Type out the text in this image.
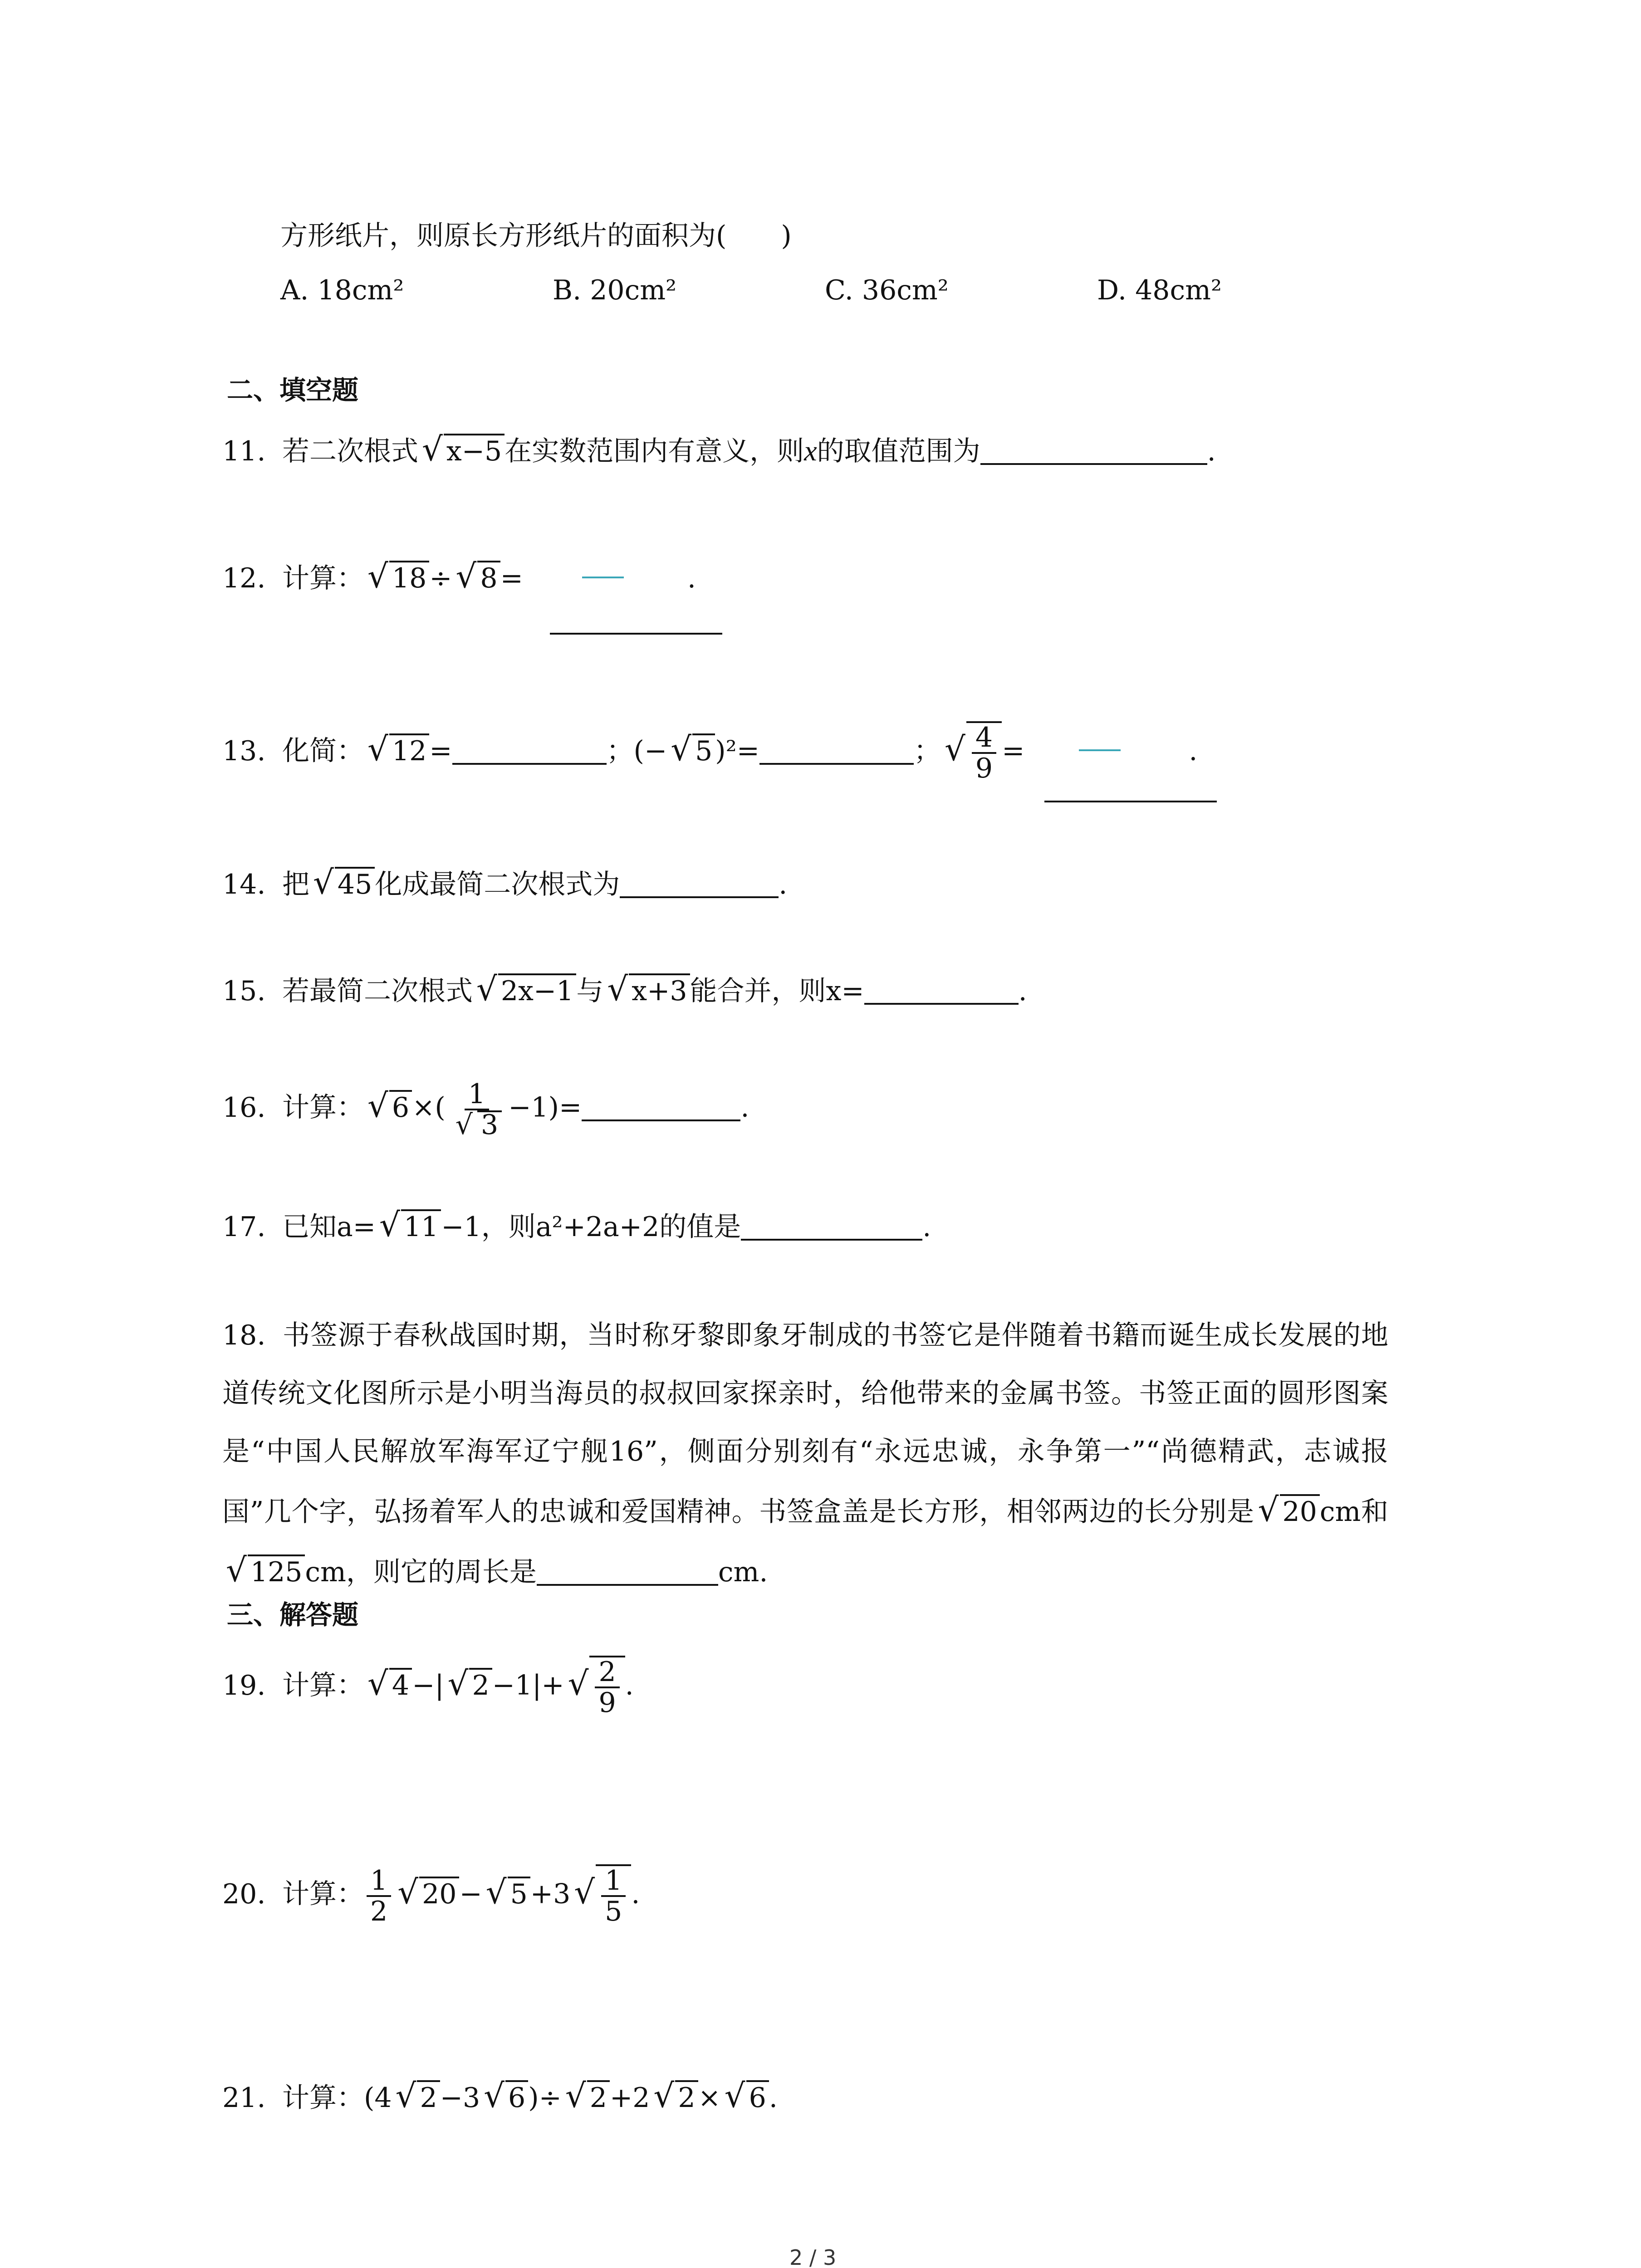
方形纸片，则原长方形纸片的面积为(　　)
A. 18cm²	B. 20cm²	C. 36cm²	D. 48cm²
二、填空题
11. 若二次根式 √ x−5 在实数范围内有意义，则x的取值范围为	.
12. 计算： √ 18 ÷ √ 8 =	.
13. 化简： √ 12 =	；(− √ 5 )²=	； √ $\frac{4}{9}$ =	.
14. 把 √ 45 化成最简二次根式为	.
15. 若最简二次根式 √ 2x−1 与 √ x+3 能合并，则x=	.
16. 计算： √ 6 ×( $\frac{1}{√ 3} -1)=$	.
17. 已知a= √ 11 −1，则a²+2a+2的值是	.
18. 书签源于春秋战国时期，当时称牙黎即象牙制成的书签它是伴随着书籍而诞生成长发展的地道传统文化图所示是小明当海员的叔叔回家探亲时，给他带来的金属书签。书签正面的圆形图案是“中国人民解放军海军辽宁舰16”，侧面分别刻有“永远忠诚，永争第一”“尚德精武，志诚报国”几个字，弘扬着军人的忠诚和爱国精神。书签盒盖是长方形，相邻两边的长分别是 √ 20 cm和√ 125 cm，则它的周长是	cm.
三、解答题
19. 计算： √ 4 −| √ 2 −1|+ √ $\frac{2}{9}$ .
20. 计算： $\frac{1}{2}$ √ 20 − √ 5 +3 √ $\frac{1}{5}$ .
21. 计算：(4 √ 2 −3 √ 6 )÷ √ 2 +2 √ 2 × √ 6 .
2 / 3
